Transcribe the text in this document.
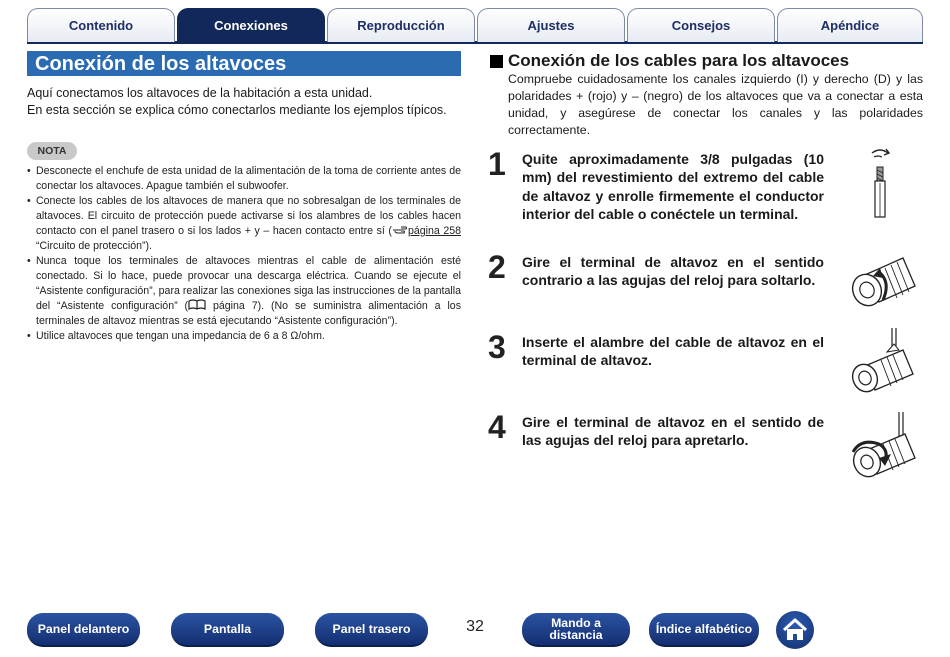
Contenido	Conexiones	Reproducción	Ajustes	Consejos	Apéndice
Conexión de los altavoces

Aquí conectamos los altavoces de la habitación a esta unidad.
En esta sección se explica cómo conectarlos mediante los ejemplos típicos.

NOTA
• Desconecte el enchufe de esta unidad de la alimentación de la toma de corriente antes de conectar los altavoces. Apague también el subwoofer.
• Conecte los cables de los altavoces de manera que no sobresalgan de los terminales de altavoces. El circuito de protección puede activarse si los alambres de los cables hacen contacto con el panel trasero o si los lados + y – hacen contacto entre sí ( página 258 “Circuito de protección”).
• Nunca toque los terminales de altavoces mientras el cable de alimentación esté conectado. Si lo hace, puede provocar una descarga eléctrica. Cuando se ejecute el “Asistente configuración”, para realizar las conexiones siga las instrucciones de la pantalla del “Asistente configuración” ( página 7). (No se suministra alimentación a los terminales de altavoz mientras se está ejecutando “Asistente configuración”).
• Utilice altavoces que tengan una impedancia de 6 a 8 Ω/ohm.
Conexión de los cables para los altavoces

Compruebe cuidadosamente los canales izquierdo (I) y derecho (D) y las polaridades + (rojo) y – (negro) de los altavoces que va a conectar a esta unidad, y asegúrese de conectar los canales y las polaridades correctamente.

1 Quite aproximadamente 3/8 pulgadas (10 mm) del revestimiento del extremo del cable de altavoz y enrolle firmemente el conductor interior del cable o conéctele un terminal.

2 Gire el terminal de altavoz en el sentido contrario a las agujas del reloj para soltarlo.

3 Inserte el alambre del cable de altavoz en el terminal de altavoz.

4 Gire el terminal de altavoz en el sentido de las agujas del reloj para apretarlo.

Panel delantero	Pantalla	Panel trasero	32	Mando a
distancia	Índice alfabético
